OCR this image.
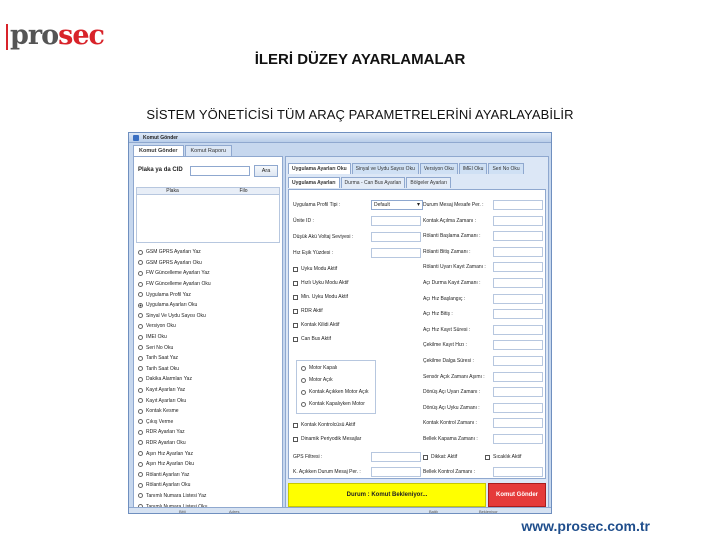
prosec
İLERİ DÜZEY AYARLAMALAR
SİSTEM YÖNETİCİSİ TÜM ARAÇ PARAMETRELERİNİ AYARLAYABİLİR
Komut Gönder
Komut Gönder	Komut Raporu
Plaka ya da CID	Ara
Plaka	Filo
GSM GPRS Ayarları Yaz
GSM GPRS Ayarları Oku
FW Güncelleme Ayarları Yaz
FW Güncelleme Ayarları Oku
Uygulama Profil Yaz
Uygulama Ayarları Oku
Sinyal Ve Uydu Sayısı Oku
Versiyon Oku
IMEI Oku
Seri No Oku
Tarih Saat Yaz
Tarih Saat Oku
Dakika Alarmları Yaz
Kayıt Ayarları Yaz
Kayıt Ayarları Oku
Kontak Kesme
Çıkış Verme
RDR Ayarları Yaz
RDR Ayarları Oku
Aşırı Hız Ayarları Yaz
Aşırı Hız Ayarları Oku
Rölanti Ayarları Yaz
Rölanti Ayarları Oku
Tanımlı Numara Listesi Yaz
Uygulama Ayarları Oku	Sinyal ve Uydu Sayısı Oku	Versiyon Oku	IMEI Oku	Seri No Oku
Uygulama Ayarları	Durma - Can Bus Ayarları	Bölgeler Ayarları
Uygulama Profil Tipi :	Default ▾
Ünite ID :
Düşük Akü Voltaj Seviyesi :
Hız Eşik Yüzdesi :
Uyku Modu Aktif
Hızlı Uyku Modu Aktif
Min. Uyku Modu Aktif
RDR Aktif
Kontak Kilidi Aktif
Can Bus Aktif
Motor Kapalı
Motor Açık
Kontak Açıkken Motor Açık
Kontak Kapalıyken Motor
Kontak Kontrolcüsü Aktif
Dinamik Periyodik Mesajlar
GPS Filtresi :
K. Açıkken Durum Mesaj Per. :
Durum Mesaj Mesafe Per. :
Kontak Açılma Zamanı :
Rölanti Başlama Zamanı :
Rölanti Bitiş Zamanı :
Rölanti Uyarı Kayıt Zamanı :
Açı Durma Kayıt Zamanı :
Açı Hız Başlangıç :
Açı Hız Bitiş :
Açı Hız Kayıt Süresi :
Çekilme Kayıt Hızı :
Çekilme Dalga Süresi :
Sensör Açık Zamanı Aşımı :
Dönüş Açı Uyarı Zamanı :
Dönüş Açı Uyku Zamanı :
Kontak Kontrol Zamanı :
Bellek Kapama Zamanı :
Dikkat: Aktif	Sıcaklık Aktif
Bellek Kontrol Zamanı :
Durum : Komut Bekleniyor...	Komut Gönder
Bitti	Adres	Bağlı	Bekleniyor
www.prosec.com.tr
